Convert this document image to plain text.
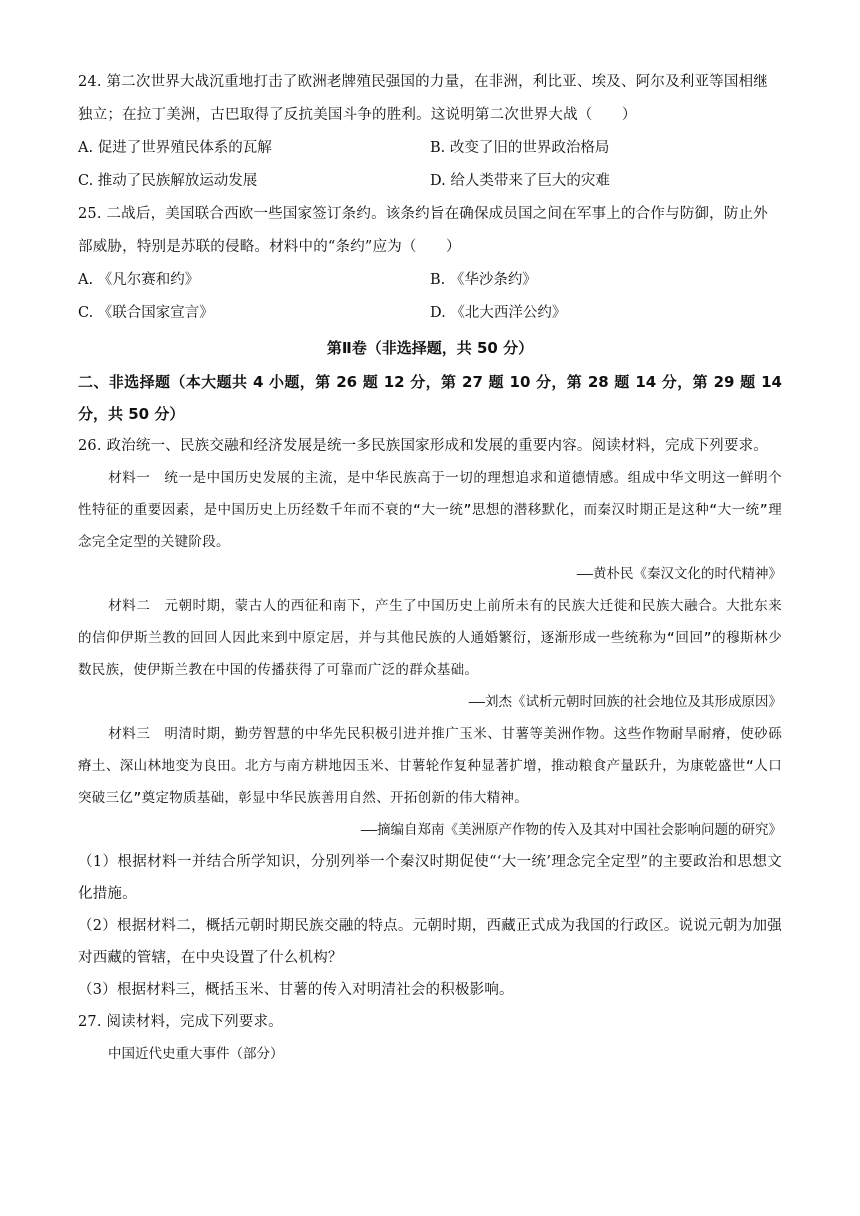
24. 第二次世界大战沉重地打击了欧洲老牌殖民强国的力量，在非洲，利比亚、埃及、阿尔及利亚等国相继
独立；在拉丁美洲，古巴取得了反抗美国斗争的胜利。这说明第二次世界大战（　　）
A. 促进了世界殖民体系的瓦解	B. 改变了旧的世界政治格局
C. 推动了民族解放运动发展	D. 给人类带来了巨大的灾难
25. 二战后，美国联合西欧一些国家签订条约。该条约旨在确保成员国之间在军事上的合作与防御，防止外
部威胁，特别是苏联的侵略。材料中的“条约”应为（　　）
A. 《凡尔赛和约》	B. 《华沙条约》
C. 《联合国家宣言》	D. 《北大西洋公约》
第Ⅱ卷（非选择题，共 50 分）
二、非选择题（本大题共 4 小题，第 26 题 12 分，第 27 题 10 分，第 28 题 14 分，第 29 题 14 分，共 50 分）
26. 政治统一、民族交融和经济发展是统一多民族国家形成和发展的重要内容。阅读材料，完成下列要求。
材料一　 统一是中国历史发展的主流，是中华民族高于一切的理想追求和道德情感。组成中华文明这一鲜明个性特征的重要因素，是中国历史上历经数千年而不衰的“大一统”思想的潜移默化，而秦汉时期正是这种“大一统”理念完全定型的关键阶段。
——黄朴民《秦汉文化的时代精神》
材料二　 元朝时期，蒙古人的西征和南下，产生了中国历史上前所未有的民族大迁徙和民族大融合。大批东来的信仰伊斯兰教的回回人因此来到中原定居，并与其他民族的人通婚繁衍，逐渐形成一些统称为“回回”的穆斯林少数民族，使伊斯兰教在中国的传播获得了可靠而广泛的群众基础。
——刘杰《试析元朝时回族的社会地位及其形成原因》
材料三　 明清时期，勤劳智慧的中华先民积极引进并推广玉米、甘薯等美洲作物。这些作物耐旱耐瘠，使砂砾瘠土、深山林地变为良田。北方与南方耕地因玉米、甘薯轮作复种显著扩增，推动粮食产量跃升，为康乾盛世“人口突破三亿”奠定物质基础，彰显中华民族善用自然、开拓创新的伟大精神。
——摘编自郑南《美洲原产作物的传入及其对中国社会影响问题的研究》
（1）根据材料一并结合所学知识，分别列举一个秦汉时期促使“‘大一统’理念完全定型”的主要政治和思想文化措施。
（2）根据材料二，概括元朝时期民族交融的特点。元朝时期，西藏正式成为我国的行政区。说说元朝为加强对西藏的管辖，在中央设置了什么机构？
（3）根据材料三，概括玉米、甘薯的传入对明清社会的积极影响。
27. 阅读材料，完成下列要求。
中国近代史重大事件（部分）
